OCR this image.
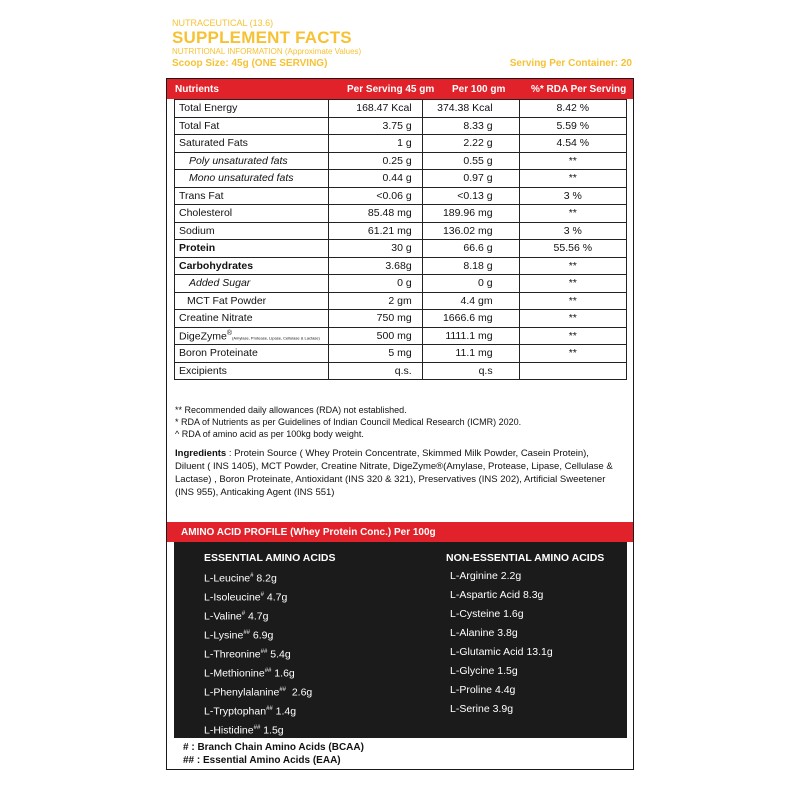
NUTRACEUTICAL (13.6)
SUPPLEMENT FACTS
NUTRITIONAL INFORMATION (Approximate Values)
Scoop Size: 45g (ONE SERVING)	Serving Per Container: 20
Nutrients	Per Serving 45 gm Per 100 gm	%* RDA Per Serving
Total Energy	168.47 Kcal	374.38 Kcal	8.42 %
Total Fat	3.75 g	8.33 g	5.59 %
Saturated Fats	1 g	2.22 g	4.54 %
Poly unsaturated fats	0.25 g	0.55 g	**
Mono unsaturated fats	0.44 g	0.97 g	**
Trans Fat	<0.06 g	<0.13 g	3 %
Cholesterol	85.48 mg	189.96 mg	**
Sodium	61.21 mg	136.02 mg	3 %
Protein	30 g	66.6 g	55.56 %
Carbohydrates	3.68g	8.18 g	**
Added Sugar	0 g	0 g	**
MCT Fat Powder	2 gm	4.4 gm	**
Creatine Nitrate	750 mg	1666.6 mg	**
DigeZyme®(Amylase, Protease, Lipase, Cellulase & Lactase)	500 mg	1111.1 mg	**
Boron Proteinate	5 mg	11.1 mg	**
Excipients	q.s.	q.s	
** Recommended daily allowances (RDA) not established.
* RDA of Nutrients as per Guidelines of Indian Council Medical Research (ICMR) 2020.
^ RDA of amino acid as per 100kg body weight.
Ingredients : Protein Source ( Whey Protein Concentrate, Skimmed Milk Powder, Casein Protein), Diluent ( INS 1405), MCT Powder, Creatine Nitrate, DigeZyme®(Amylase, Protease, Lipase, Cellulase & Lactase) , Boron Proteinate, Antioxidant (INS 320 & 321), Preservatives (INS 202), Artificial Sweetener (INS 955), Anticaking Agent (INS 551)
AMINO ACID PROFILE (Whey Protein Conc.) Per 100g
ESSENTIAL AMINO ACIDS	NON-ESSENTIAL AMINO ACIDS
L-Leucine# 8.2g
L-Isoleucine# 4.7g
L-Valine# 4.7g
L-Lysine## 6.9g
L-Threonine## 5.4g
L-Methionine## 1.6g
L-Phenylalanine##  2.6g
L-Tryptophan## 1.4g
L-Histidine## 1.5g
L-Arginine 2.2g
L-Aspartic Acid 8.3g
L-Cysteine 1.6g
L-Alanine 3.8g
L-Glutamic Acid 13.1g
L-Glycine 1.5g
L-Proline 4.4g
L-Serine 3.9g
# : Branch Chain Amino Acids (BCAA)
## : Essential Amino Acids (EAA)
